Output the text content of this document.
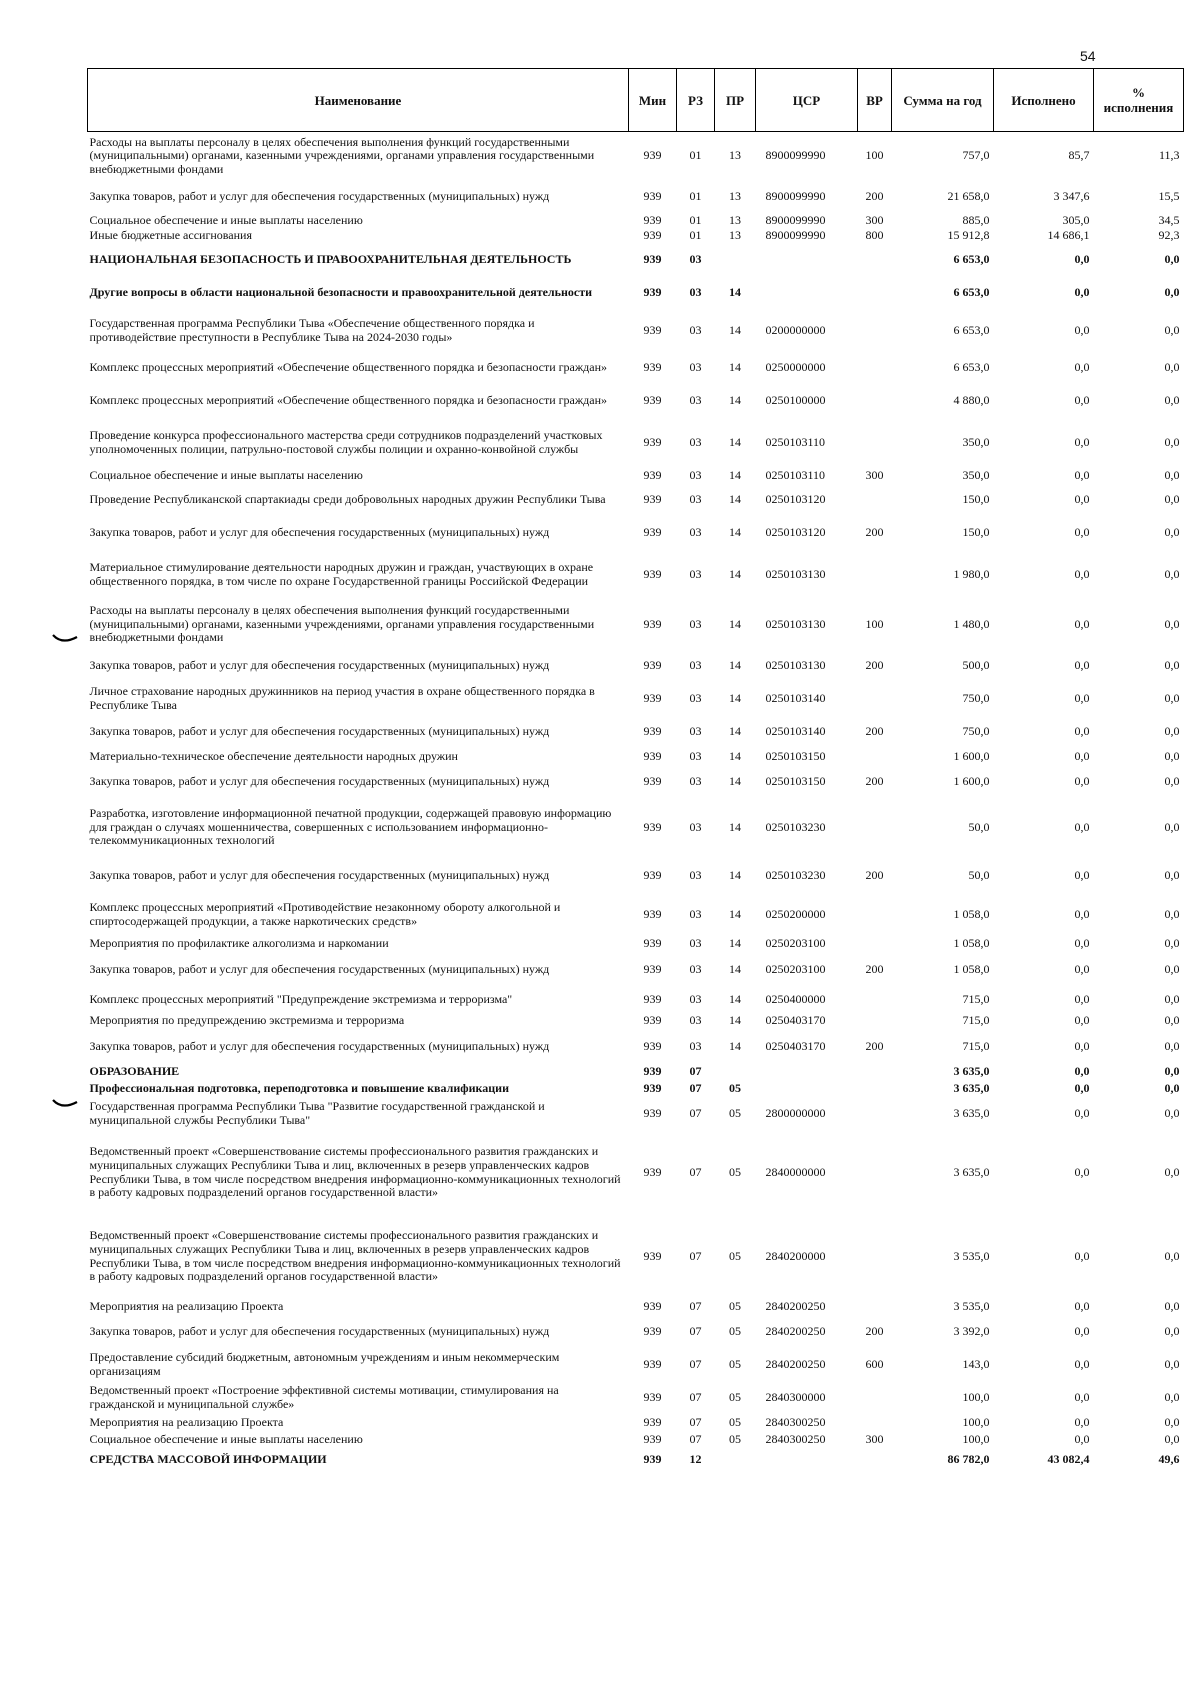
54
Наименование	Мин	РЗ	ПР	ЦСР	ВР	Сумма на год	Исполнено	% исполнения
Расходы на выплаты персоналу в целях обеспечения выполнения функций государственными (муниципальными) органами, казенными учреждениями, органами управления государственными внебюджетными фондами	939	01	13	8900099990	100	757,0	85,7	11,3
Закупка товаров, работ и услуг для обеспечения государственных (муниципальных) нужд	939	01	13	8900099990	200	21 658,0	3 347,6	15,5
Социальное обеспечение и иные выплаты населению	939	01	13	8900099990	300	885,0	305,0	34,5
Иные бюджетные ассигнования	939	01	13	8900099990	800	15 912,8	14 686,1	92,3
НАЦИОНАЛЬНАЯ БЕЗОПАСНОСТЬ И ПРАВООХРАНИТЕЛЬНАЯ ДЕЯТЕЛЬНОСТЬ	939	03				6 653,0	0,0	0,0
Другие вопросы в области национальной безопасности и правоохранительной деятельности	939	03	14			6 653,0	0,0	0,0
Государственная программа Республики Тыва «Обеспечение общественного порядка и противодействие преступности в Республике Тыва на 2024-2030 годы»	939	03	14	0200000000		6 653,0	0,0	0,0
Комплекс процессных мероприятий «Обеспечение общественного порядка и безопасности граждан»	939	03	14	0250000000		6 653,0	0,0	0,0
Комплекс процессных мероприятий «Обеспечение общественного порядка и безопасности граждан»	939	03	14	0250100000		4 880,0	0,0	0,0
Проведение конкурса профессионального мастерства среди сотрудников подразделений участковых уполномоченных полиции, патрульно-постовой службы полиции и охранно-конвойной службы	939	03	14	0250103110		350,0	0,0	0,0
Социальное обеспечение и иные выплаты населению	939	03	14	0250103110	300	350,0	0,0	0,0
Проведение Республиканской спартакиады среди добровольных народных дружин Республики Тыва	939	03	14	0250103120		150,0	0,0	0,0
Закупка товаров, работ и услуг для обеспечения государственных (муниципальных) нужд	939	03	14	0250103120	200	150,0	0,0	0,0
Материальное стимулирование деятельности народных дружин и граждан, участвующих в охране общественного порядка, в том числе по охране Государственной границы Российской Федерации	939	03	14	0250103130		1 980,0	0,0	0,0
Расходы на выплаты персоналу в целях обеспечения выполнения функций государственными (муниципальными) органами, казенными учреждениями, органами управления государственными внебюджетными фондами	939	03	14	0250103130	100	1 480,0	0,0	0,0
Закупка товаров, работ и услуг для обеспечения государственных (муниципальных) нужд	939	03	14	0250103130	200	500,0	0,0	0,0
Личное страхование народных дружинников на период участия в охране общественного порядка в Республике Тыва	939	03	14	0250103140		750,0	0,0	0,0
Закупка товаров, работ и услуг для обеспечения государственных (муниципальных) нужд	939	03	14	0250103140	200	750,0	0,0	0,0
Материально-техническое обеспечение деятельности народных дружин	939	03	14	0250103150		1 600,0	0,0	0,0
Закупка товаров, работ и услуг для обеспечения государственных (муниципальных) нужд	939	03	14	0250103150	200	1 600,0	0,0	0,0
Разработка, изготовление информационной печатной продукции, содержащей правовую информацию для граждан о случаях мошенничества, совершенных с использованием информационно-телекоммуникационных технологий	939	03	14	0250103230		50,0	0,0	0,0
Закупка товаров, работ и услуг для обеспечения государственных (муниципальных) нужд	939	03	14	0250103230	200	50,0	0,0	0,0
Комплекс процессных мероприятий «Противодействие незаконному обороту алкогольной и спиртосодержащей продукции, а также наркотических средств»	939	03	14	0250200000		1 058,0	0,0	0,0
Мероприятия по профилактике алкоголизма и наркомании	939	03	14	0250203100		1 058,0	0,0	0,0
Закупка товаров, работ и услуг для обеспечения государственных (муниципальных) нужд	939	03	14	0250203100	200	1 058,0	0,0	0,0
Комплекс процессных мероприятий "Предупреждение экстремизма и терроризма"	939	03	14	0250400000		715,0	0,0	0,0
Мероприятия по предупреждению экстремизма и терроризма	939	03	14	0250403170		715,0	0,0	0,0
Закупка товаров, работ и услуг для обеспечения государственных (муниципальных) нужд	939	03	14	0250403170	200	715,0	0,0	0,0
ОБРАЗОВАНИЕ	939	07				3 635,0	0,0	0,0
Профессиональная подготовка, переподготовка и повышение квалификации	939	07	05			3 635,0	0,0	0,0
Государственная программа Республики Тыва "Развитие государственной гражданской и муниципальной службы Республики Тыва"	939	07	05	2800000000		3 635,0	0,0	0,0
Ведомственный проект «Совершенствование системы профессионального развития гражданских и муниципальных служащих Республики Тыва и лиц, включенных в резерв управленческих кадров Республики Тыва, в том числе посредством внедрения информационно-коммуникационных технологий в работу кадровых подразделений органов государственной власти»	939	07	05	2840000000		3 635,0	0,0	0,0
Ведомственный проект «Совершенствование системы профессионального развития гражданских и муниципальных служащих Республики Тыва и лиц, включенных в резерв управленческих кадров Республики Тыва, в том числе посредством внедрения информационно-коммуникационных технологий в работу кадровых подразделений органов государственной власти»	939	07	05	2840200000		3 535,0	0,0	0,0
Мероприятия на реализацию Проекта	939	07	05	2840200250		3 535,0	0,0	0,0
Закупка товаров, работ и услуг для обеспечения государственных (муниципальных) нужд	939	07	05	2840200250	200	3 392,0	0,0	0,0
Предоставление субсидий бюджетным, автономным учреждениям и иным некоммерческим организациям	939	07	05	2840200250	600	143,0	0,0	0,0
Ведомственный проект «Построение эффективной системы мотивации, стимулирования на гражданской и муниципальной службе»	939	07	05	2840300000		100,0	0,0	0,0
Мероприятия на реализацию Проекта	939	07	05	2840300250		100,0	0,0	0,0
Социальное обеспечение и иные выплаты населению	939	07	05	2840300250	300	100,0	0,0	0,0
СРЕДСТВА МАССОВОЙ ИНФОРМАЦИИ	939	12				86 782,0	43 082,4	49,6
